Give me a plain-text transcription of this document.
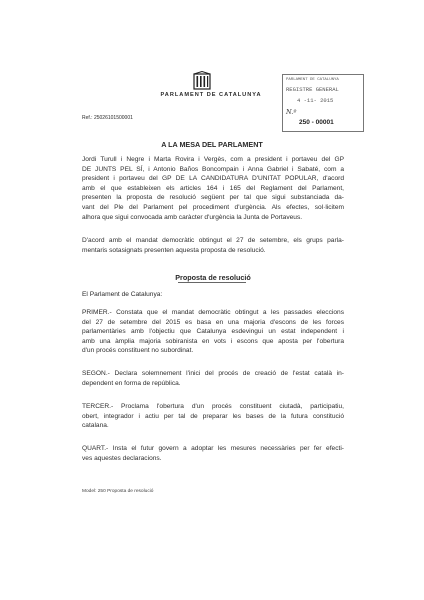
PARLAMENT DE CATALUNYA
PARLAMENT DE CATALUNYA
REGISTRE GENERAL
4 -11- 2015
N.º
250 - 00001
Ref.: 25026101500001
A LA MESA DEL PARLAMENT
Jordi Turull i Negre i Marta Rovira i Vergès, com a president i portaveu del GP
DE JUNTS PEL SÍ, i Antonio Baños Boncompain i Anna Gabriel i Sabaté, com a
president i portaveu del GP DE LA CANDIDATURA D'UNITAT POPULAR, d'acord
amb el que estableixen els articles 164 i 165 del Reglament del Parlament,
presenten la proposta de resolució següent per tal que sigui substanciada da-
vant del Ple del Parlament pel procediment d'urgència. Als efectes, sol·licitem
alhora que sigui convocada amb caràcter d'urgència la Junta de Portaveus.
D'acord amb el mandat democràtic obtingut el 27 de setembre, els grups parla-
mentaris sotasignats presenten aquesta proposta de resolució.
Proposta de resolució
El Parlament de Catalunya:
PRIMER.- Constata que el mandat democràtic obtingut a les passades eleccions
del 27 de setembre del 2015 es basa en una majoria d'escons de les forces
parlamentàries amb l'objectiu que Catalunya esdevingui un estat independent i
amb una àmplia majoria sobiranista en vots i escons que aposta per l'obertura
d'un procés constituent no subordinat.
SEGON.- Declara solemnement l'inici del procés de creació de l'estat català in-
dependent en forma de república.
TERCER.- Proclama l'obertura d'un procés constituent ciutadà, participatiu,
obert, integrador i actiu per tal de preparar les bases de la futura constitució
catalana.
QUART.- Insta el futur govern a adoptar les mesures necessàries per fer efecti-
ves aquestes declaracions.
Model: 250 Proposta de resolució
